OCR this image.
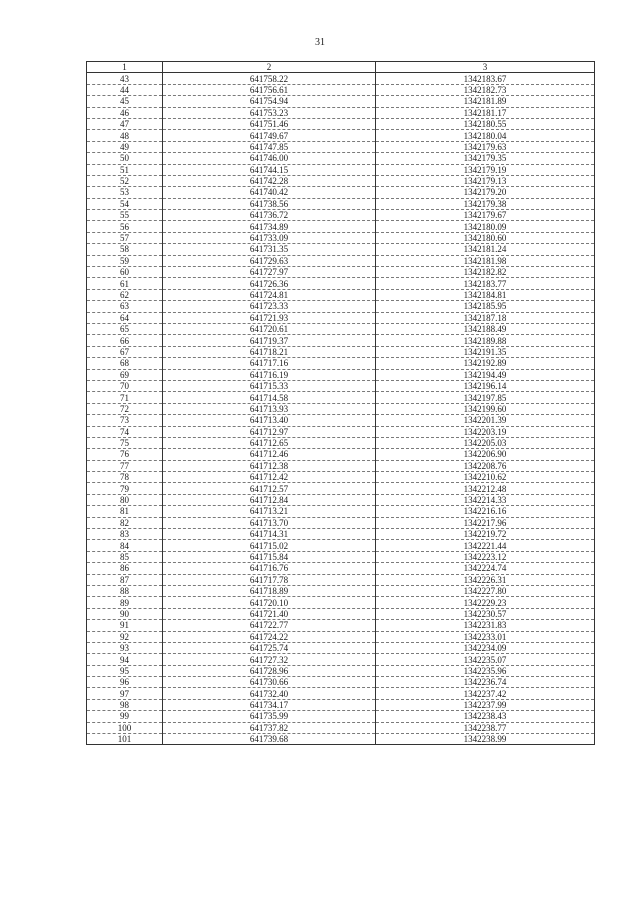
31
1	2	3
43	641758.22	1342183.67
44	641756.61	1342182.73
45	641754.94	1342181.89
46	641753.23	1342181.17
47	641751.46	1342180.55
48	641749.67	1342180.04
49	641747.85	1342179.63
50	641746.00	1342179.35
51	641744.15	1342179.19
52	641742.28	1342179.13
53	641740.42	1342179.20
54	641738.56	1342179.38
55	641736.72	1342179.67
56	641734.89	1342180.09
57	641733.09	1342180.60
58	641731.35	1342181.24
59	641729.63	1342181.98
60	641727.97	1342182.82
61	641726.36	1342183.77
62	641724.81	1342184.81
63	641723.33	1342185.95
64	641721.93	1342187.18
65	641720.61	1342188.49
66	641719.37	1342189.88
67	641718.21	1342191.35
68	641717.16	1342192.89
69	641716.19	1342194.49
70	641715.33	1342196.14
71	641714.58	1342197.85
72	641713.93	1342199.60
73	641713.40	1342201.39
74	641712.97	1342203.19
75	641712.65	1342205.03
76	641712.46	1342206.90
77	641712.38	1342208.76
78	641712.42	1342210.62
79	641712.57	1342212.48
80	641712.84	1342214.33
81	641713.21	1342216.16
82	641713.70	1342217.96
83	641714.31	1342219.72
84	641715.02	1342221.44
85	641715.84	1342223.12
86	641716.76	1342224.74
87	641717.78	1342226.31
88	641718.89	1342227.80
89	641720.10	1342229.23
90	641721.40	1342230.57
91	641722.77	1342231.83
92	641724.22	1342233.01
93	641725.74	1342234.09
94	641727.32	1342235.07
95	641728.96	1342235.96
96	641730.66	1342236.74
97	641732.40	1342237.42
98	641734.17	1342237.99
99	641735.99	1342238.43
100	641737.82	1342238.77
101	641739.68	1342238.99
